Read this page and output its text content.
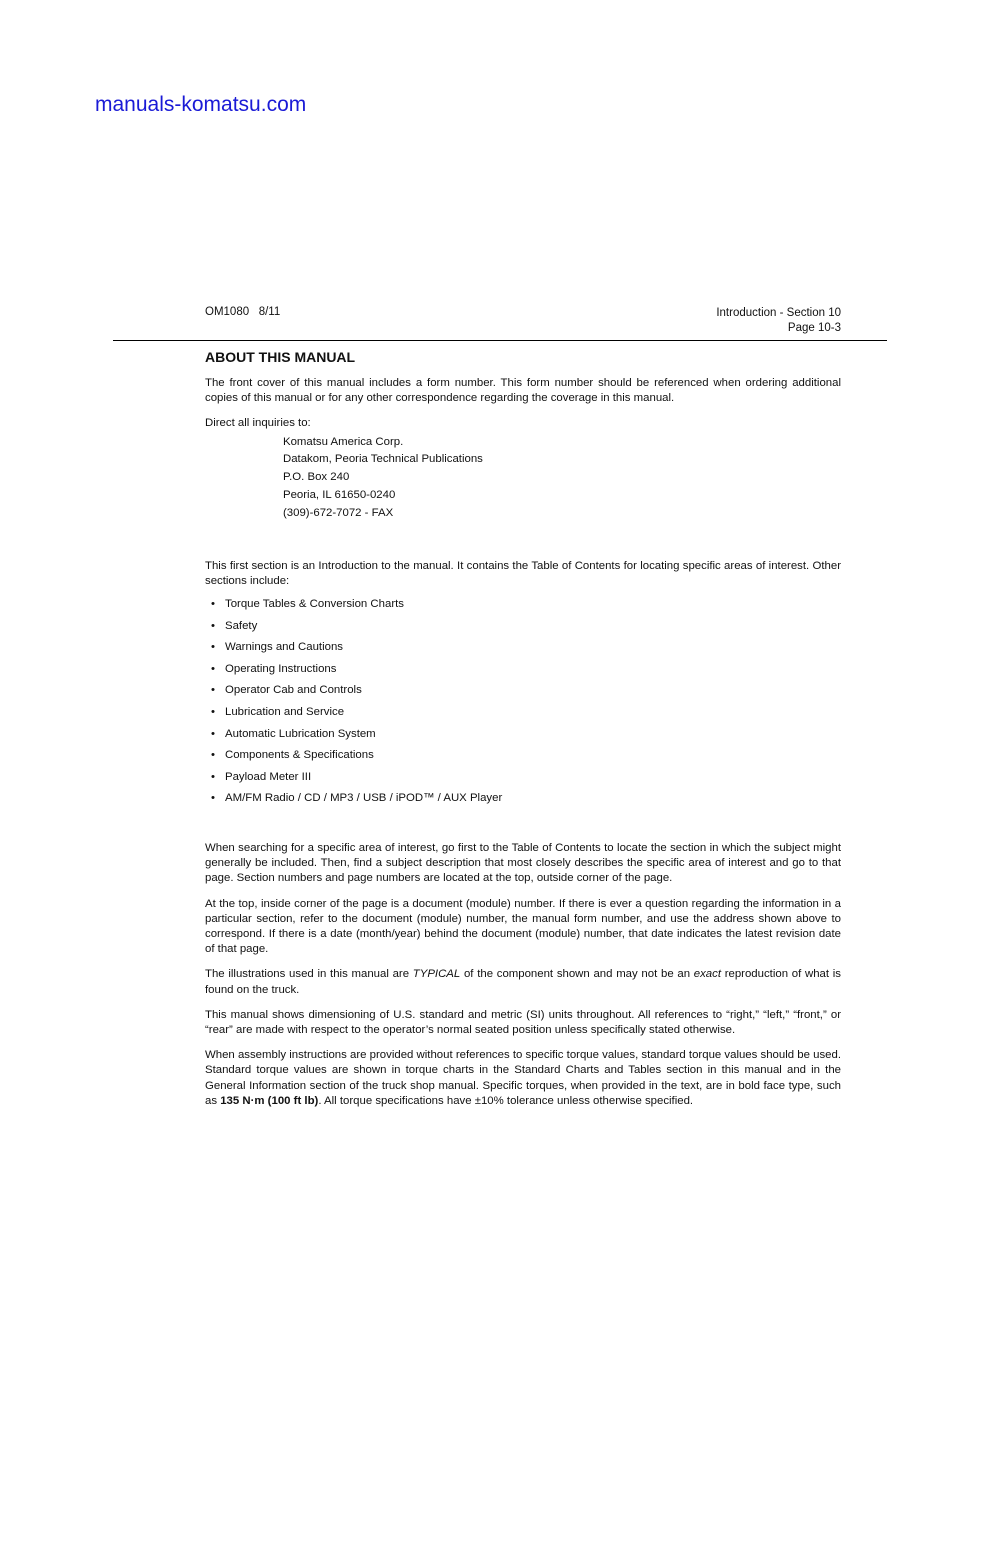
manuals-komatsu.com
OM1080   8/11	Introduction - Section 10
Page 10-3
ABOUT THIS MANUAL

The front cover of this manual includes a form number. This form number should be referenced when ordering additional copies of this manual or for any other correspondence regarding the coverage in this manual.

Direct all inquiries to:

Komatsu America Corp.
Datakom, Peoria Technical Publications
P.O. Box 240
Peoria, IL 61650-0240
(309)-672-7072 - FAX

This first section is an Introduction to the manual. It contains the Table of Contents for locating specific areas of interest. Other sections include:

• Torque Tables & Conversion Charts
• Safety
• Warnings and Cautions
• Operating Instructions
• Operator Cab and Controls
• Lubrication and Service
• Automatic Lubrication System
• Components & Specifications
• Payload Meter III
• AM/FM Radio / CD / MP3 / USB / iPOD™ / AUX Player

When searching for a specific area of interest, go first to the Table of Contents to locate the section in which the subject might generally be included. Then, find a subject description that most closely describes the specific area of interest and go to that page. Section numbers and page numbers are located at the top, outside corner of the page.

At the top, inside corner of the page is a document (module) number. If there is ever a question regarding the information in a particular section, refer to the document (module) number, the manual form number, and use the address shown above to correspond. If there is a date (month/year) behind the document (module) number, that date indicates the latest revision date of that page.

The illustrations used in this manual are TYPICAL of the component shown and may not be an exact reproduction of what is found on the truck.

This manual shows dimensioning of U.S. standard and metric (SI) units throughout. All references to “right,” “left,” “front,” or “rear” are made with respect to the operator’s normal seated position unless specifically stated otherwise.

When assembly instructions are provided without references to specific torque values, standard torque values should be used. Standard torque values are shown in torque charts in the Standard Charts and Tables section in this manual and in the General Information section of the truck shop manual. Specific torques, when provided in the text, are in bold face type, such as 135 N·m (100 ft lb). All torque specifications have ±10% tolerance unless otherwise specified.
